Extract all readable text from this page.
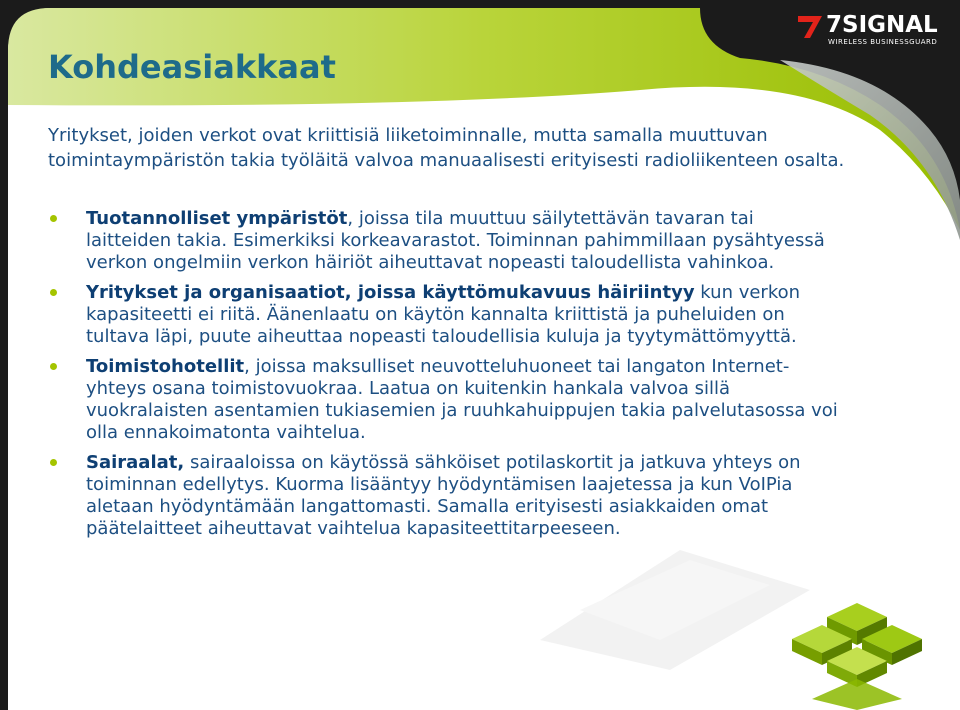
7SIGNAL
WIRELESS BUSINESSGUARD
Kohdeasiakkaat
Yritykset, joiden verkot ovat kriittisiä liiketoiminnalle, mutta samalla muuttuvan toimintaympäristön takia työläitä valvoa manuaalisesti erityisesti radioliikenteen osalta.
Tuotannolliset ympäristöt, joissa tila muuttuu säilytettävän tavaran tai laitteiden takia. Esimerkiksi korkeavarastot. Toiminnan pahimmillaan pysähtyessä verkon ongelmiin verkon häiriöt aiheuttavat nopeasti taloudellista vahinkoa.
Yritykset ja organisaatiot, joissa käyttömukavuus häiriintyy kun verkon kapasiteetti ei riitä. Äänenlaatu on käytön kannalta kriittistä ja puheluiden on tultava läpi, puute aiheuttaa nopeasti taloudellisia kuluja ja tyytymättömyyttä.
Toimistohotellit, joissa maksulliset neuvotteluhuoneet tai langaton Internet-yhteys osana toimistovuokraa. Laatua on kuitenkin hankala valvoa sillä vuokralaisten asentamien tukiasemien ja ruuhkahuippujen takia palvelutasossa voi olla ennakoimatonta vaihtelua.
Sairaalat, sairaaloissa on käytössä sähköiset potilaskortit ja jatkuva yhteys on toiminnan edellytys. Kuorma lisääntyy hyödyntämisen laajetessa ja kun VoIPia aletaan hyödyntämään langattomasti. Samalla erityisesti asiakkaiden omat päätelaitteet aiheuttavat vaihtelua kapasiteettitarpeeseen.
